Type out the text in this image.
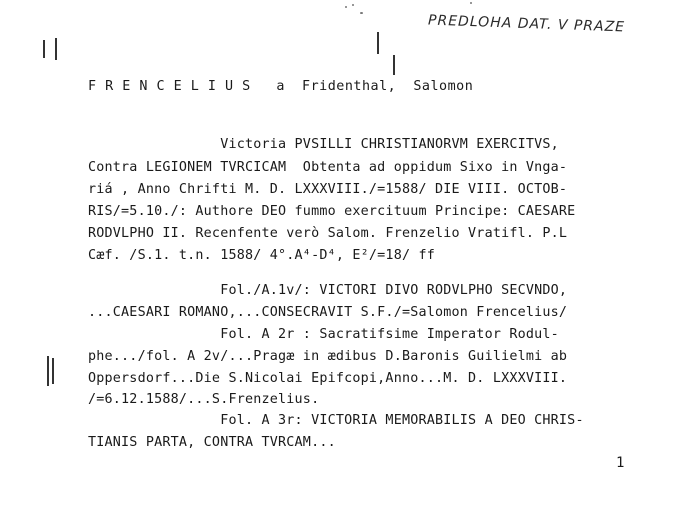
PREDLOHA DAT. V PRAZE
F R E N C E L I U S   a  Fridenthal,  Salomon
Victoria PVSILLI CHRISTIANORVM EXERCITVS,
Contra LEGIONEM TVRCICAM  Obtenta ad oppidum Sixo in Vnga-
riá , Anno Chrifti M. D. LXXXVIII./=1588/ DIE VIII. OCTOB-
RIS/=5.10./: Authore DEO fummo exercituum Principe: CAESARE
RODVLPHO II. Recenfente verò Salom. Frenzelio Vratifl. P.L
Cæf. /S.1. t.n. 1588/ 4°.A⁴-D⁴, E²/=18/ ff
Fol./A.1v/: VICTORI DIVO RODVLPHO SECVNDO,
...CAESARI ROMANO,...CONSECRAVIT S.F./=Salomon Frencelius/
Fol. A 2r : Sacratifsime Imperator Rodul-
phe.../fol. A 2v/...Pragæ in ædibus D.Baronis Guilielmi ab
Oppersdorf...Die S.Nicolai Epifcopi,Anno...M. D. LXXXVIII.
/=6.12.1588/...S.Frenzelius.
Fol. A 3r: VICTORIA MEMORABILIS A DEO CHRIS-
TIANIS PARTA, CONTRA TVRCAM...
1
